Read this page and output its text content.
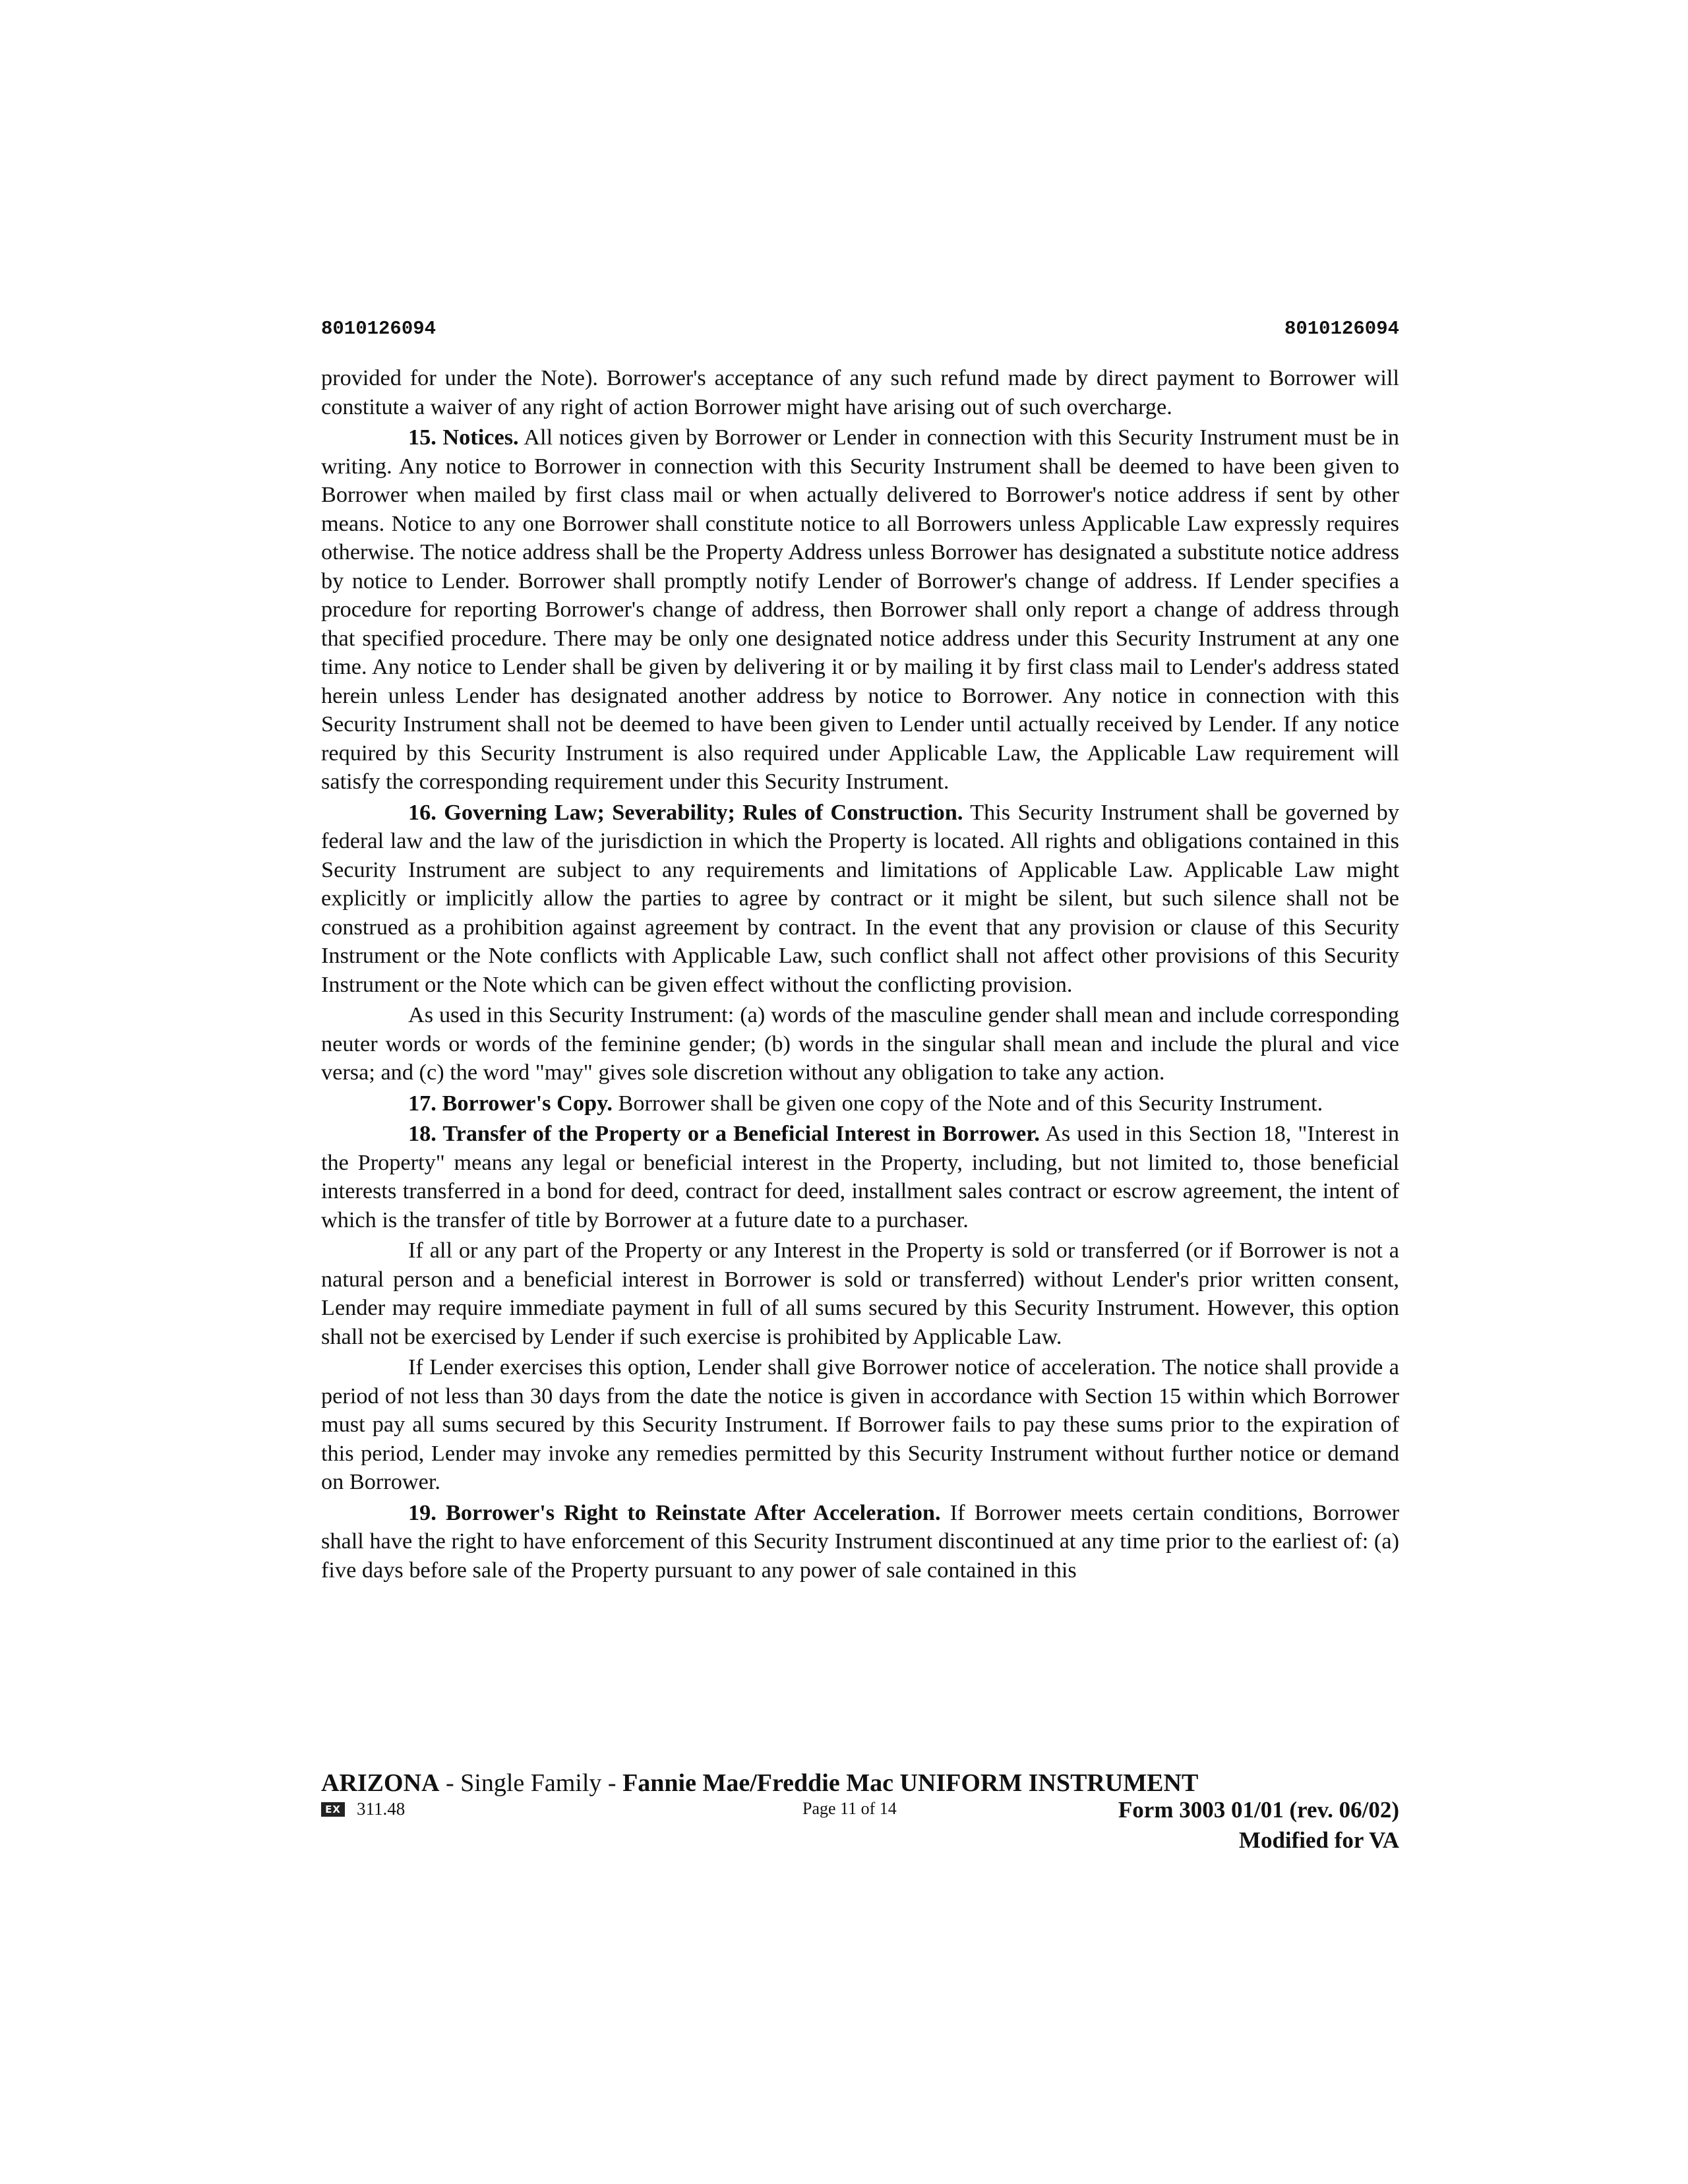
8010126094	8010126094

provided for under the Note). Borrower's acceptance of any such refund made by direct payment to Borrower will constitute a waiver of any right of action Borrower might have arising out of such overcharge.

15. Notices. All notices given by Borrower or Lender in connection with this Security Instrument must be in writing. Any notice to Borrower in connection with this Security Instrument shall be deemed to have been given to Borrower when mailed by first class mail or when actually delivered to Borrower's notice address if sent by other means. Notice to any one Borrower shall constitute notice to all Borrowers unless Applicable Law expressly requires otherwise. The notice address shall be the Property Address unless Borrower has designated a substitute notice address by notice to Lender. Borrower shall promptly notify Lender of Borrower's change of address. If Lender specifies a procedure for reporting Borrower's change of address, then Borrower shall only report a change of address through that specified procedure. There may be only one designated notice address under this Security Instrument at any one time. Any notice to Lender shall be given by delivering it or by mailing it by first class mail to Lender's address stated herein unless Lender has designated another address by notice to Borrower. Any notice in connection with this Security Instrument shall not be deemed to have been given to Lender until actually received by Lender. If any notice required by this Security Instrument is also required under Applicable Law, the Applicable Law requirement will satisfy the corresponding requirement under this Security Instrument.

16. Governing Law; Severability; Rules of Construction. This Security Instrument shall be governed by federal law and the law of the jurisdiction in which the Property is located. All rights and obligations contained in this Security Instrument are subject to any requirements and limitations of Applicable Law. Applicable Law might explicitly or implicitly allow the parties to agree by contract or it might be silent, but such silence shall not be construed as a prohibition against agreement by contract. In the event that any provision or clause of this Security Instrument or the Note conflicts with Applicable Law, such conflict shall not affect other provisions of this Security Instrument or the Note which can be given effect without the conflicting provision.

As used in this Security Instrument: (a) words of the masculine gender shall mean and include corresponding neuter words or words of the feminine gender; (b) words in the singular shall mean and include the plural and vice versa; and (c) the word "may" gives sole discretion without any obligation to take any action.

17. Borrower's Copy. Borrower shall be given one copy of the Note and of this Security Instrument.

18. Transfer of the Property or a Beneficial Interest in Borrower. As used in this Section 18, "Interest in the Property" means any legal or beneficial interest in the Property, including, but not limited to, those beneficial interests transferred in a bond for deed, contract for deed, installment sales contract or escrow agreement, the intent of which is the transfer of title by Borrower at a future date to a purchaser.

If all or any part of the Property or any Interest in the Property is sold or transferred (or if Borrower is not a natural person and a beneficial interest in Borrower is sold or transferred) without Lender's prior written consent, Lender may require immediate payment in full of all sums secured by this Security Instrument. However, this option shall not be exercised by Lender if such exercise is prohibited by Applicable Law.

If Lender exercises this option, Lender shall give Borrower notice of acceleration. The notice shall provide a period of not less than 30 days from the date the notice is given in accordance with Section 15 within which Borrower must pay all sums secured by this Security Instrument. If Borrower fails to pay these sums prior to the expiration of this period, Lender may invoke any remedies permitted by this Security Instrument without further notice or demand on Borrower.

19. Borrower's Right to Reinstate After Acceleration. If Borrower meets certain conditions, Borrower shall have the right to have enforcement of this Security Instrument discontinued at any time prior to the earliest of: (a) five days before sale of the Property pursuant to any power of sale contained in this

ARIZONA - Single Family - Fannie Mae/Freddie Mac UNIFORM INSTRUMENT
EX 311.48	Page 11 of 14	Form 3003 01/01 (rev. 06/02)
Modified for VA
